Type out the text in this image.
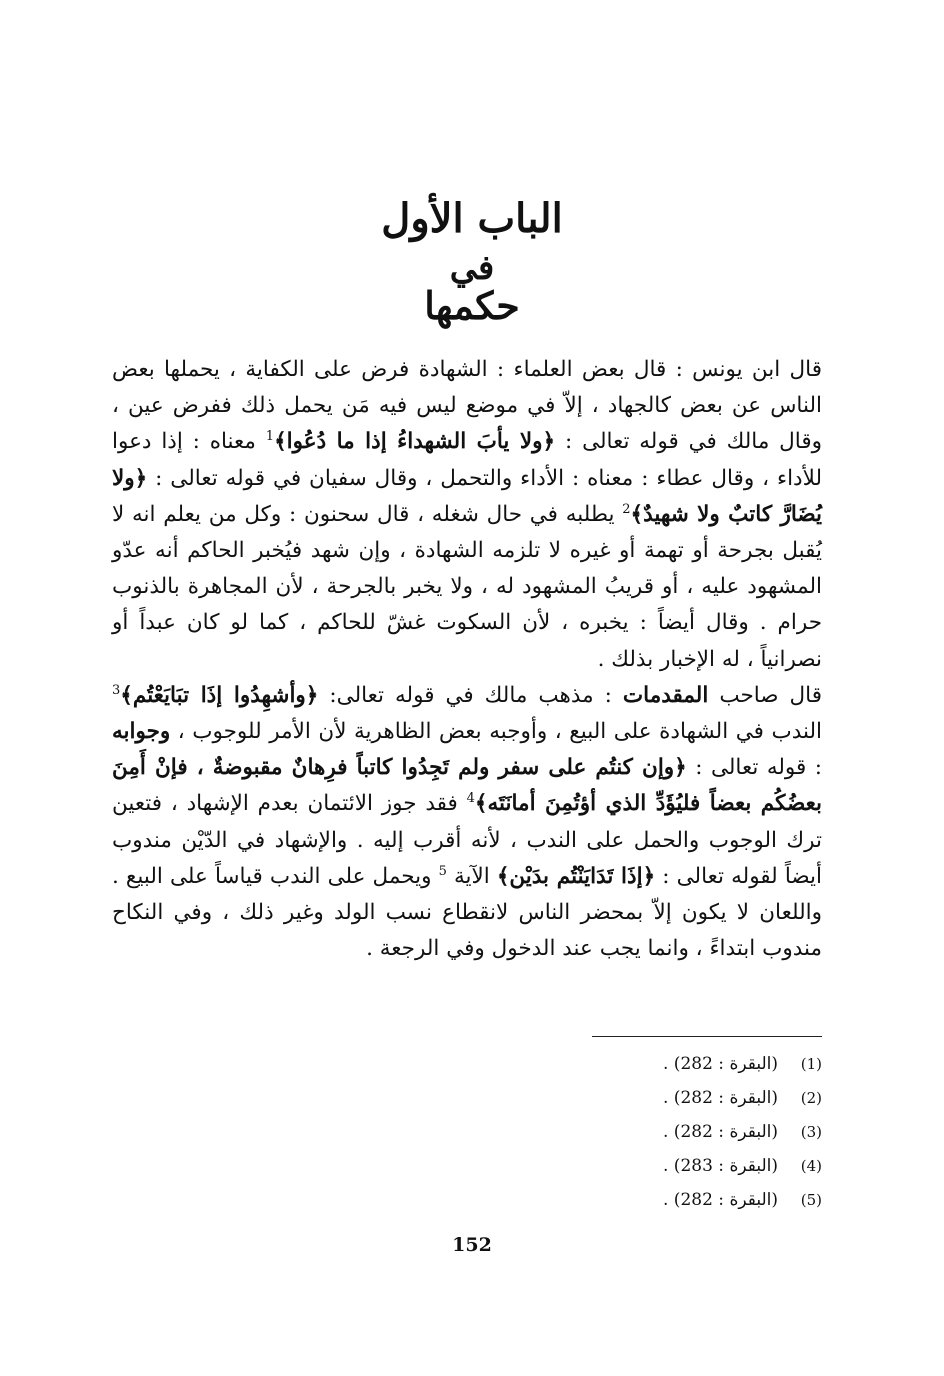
الباب الأول
في
حكمها

قال ابن يونس : قال بعض العلماء : الشهادة فرض على الكفاية ، يحملها بعض الناس عن بعض كالجهاد ، إلاّ في موضع ليس فيه مَن يحمل ذلك ففرض عين ، وقال مالك في قوله تعالى : ﴿ولا يأبَ الشهداءُ إذا ما دُعُوا﴾$^1$ معناه : إذا دعوا للأداء ، وقال عطاء : معناه : الأداء والتحمل ، وقال سفيان في قوله تعالى : ﴿ولا يُضَارَّ كاتبٌ ولا شهيدٌ﴾$^2$ يطلبه في حال شغله ، قال سحنون : وكل من يعلم انه لا يُقبل بجرحة أو تهمة أو غيره لا تلزمه الشهادة ، وإن شهد فيُخبر الحاكم أنه عدّو المشهود عليه ، أو قريبُ المشهود له ، ولا يخبر بالجرحة ، لأن المجاهرة بالذنوب حرام . وقال أيضاً : يخبره ، لأن السكوت غشّ للحاكم ، كما لو كان عبداً أو نصرانياً ، له الإخبار بذلك .

قال صاحب المقدمات : مذهب مالك في قوله تعالى: ﴿وأشهِدُوا إذَا تبَايَعْتُم﴾$^3$ الندب في الشهادة على البيع ، وأوجبه بعض الظاهرية لأن الأمر للوجوب ، وجوابه : قوله تعالى : ﴿وإن كنتُم على سفر ولم تَجِدُوا كاتباً فرِهانٌ مقبوضةٌ ، فإنْ أَمِنَ بعضُكُم بعضاً فليُؤَدِّ الذي أؤتُمِنَ أمانَتَه﴾$^4$ فقد جوز الائتمان بعدم الإشهاد ، فتعين ترك الوجوب والحمل على الندب ، لأنه أقرب إليه . والإشهاد في الدّيْن مندوب أيضاً لقوله تعالى : ﴿إذَا تَدَايَنْتُم بدَيْن﴾ الآية $^5$ ويحمل على الندب قياساً على البيع . واللعان لا يكون إلاّ بمحضر الناس لانقطاع نسب الولد وغير ذلك ، وفي النكاح مندوب ابتداءً ، وانما يجب عند الدخول وفي الرجعة .

(1)
(البقرة : 282) .
(2)
(البقرة : 282) .
(3)
(البقرة : 282) .
(4)
(البقرة : 283) .
(5)
(البقرة : 282) .
152
